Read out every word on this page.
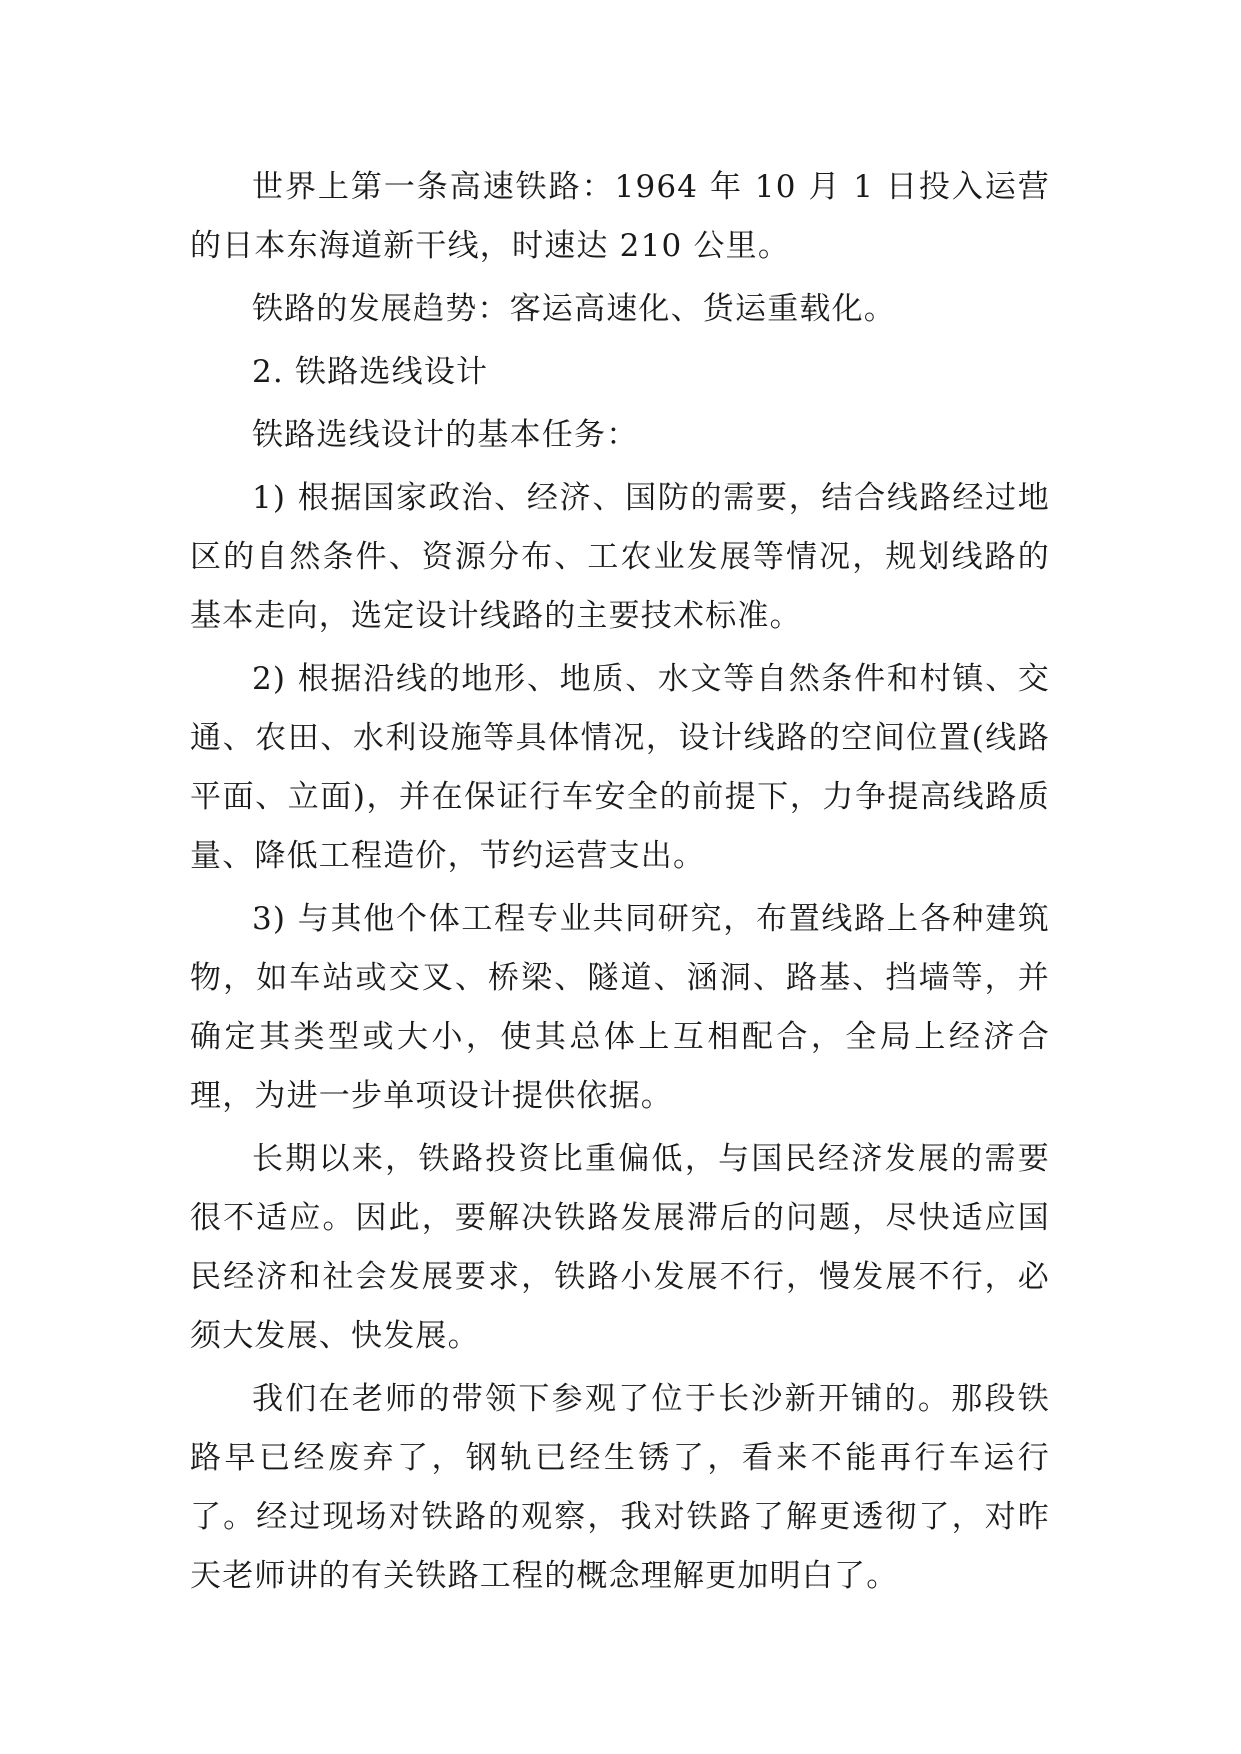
世界上第一条高速铁路：1964 年 10 月 1 日投入运营的日本东海道新干线，时速达 210 公里。

铁路的发展趋势：客运高速化、货运重载化。

2. 铁路选线设计

铁路选线设计的基本任务：

1) 根据国家政治、经济、国防的需要，结合线路经过地区的自然条件、资源分布、工农业发展等情况，规划线路的基本走向，选定设计线路的主要技术标准。

2) 根据沿线的地形、地质、水文等自然条件和村镇、交通、农田、水利设施等具体情况，设计线路的空间位置(线路平面、立面)，并在保证行车安全的前提下，力争提高线路质量、降低工程造价，节约运营支出。

3) 与其他个体工程专业共同研究，布置线路上各种建筑物，如车站或交叉、桥梁、隧道、涵洞、路基、挡墙等，并确定其类型或大小，使其总体上互相配合，全局上经济合理，为进一步单项设计提供依据。

长期以来，铁路投资比重偏低，与国民经济发展的需要很不适应。因此，要解决铁路发展滞后的问题，尽快适应国民经济和社会发展要求，铁路小发展不行，慢发展不行，必须大发展、快发展。

我们在老师的带领下参观了位于长沙新开铺的。那段铁路早已经废弃了，钢轨已经生锈了，看来不能再行车运行了。经过现场对铁路的观察，我对铁路了解更透彻了，对昨天老师讲的有关铁路工程的概念理解更加明白了。
